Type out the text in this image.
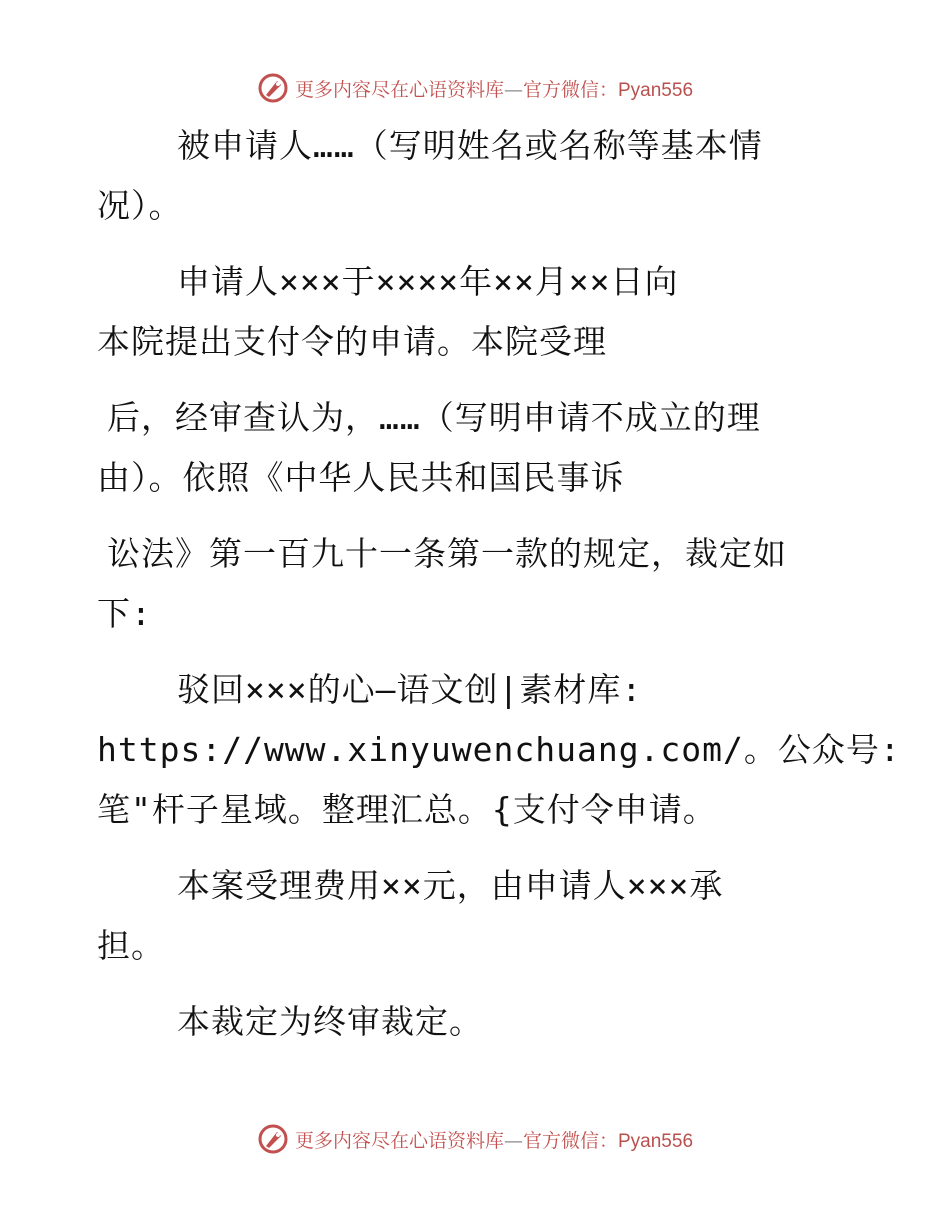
更多内容尽在心语资料库—官方微信：Pyan556
被申请人……（写明姓名或名称等基本情
况）。
申请人×××于××××年××月××日向
本院提出支付令的申请。本院受理
后，经审查认为，……（写明申请不成立的理
由）。依照《中华人民共和国民事诉
讼法》第一百九十一条第一款的规定，裁定如
下:
驳回×××的心—语文创|素材库:
https://www.xinyuwenchuang.com/。公众号:
笔"杆子星域。整理汇总。{支付令申请。
本案受理费用××元，由申请人×××承
担。
本裁定为终审裁定。
更多内容尽在心语资料库—官方微信：Pyan556
